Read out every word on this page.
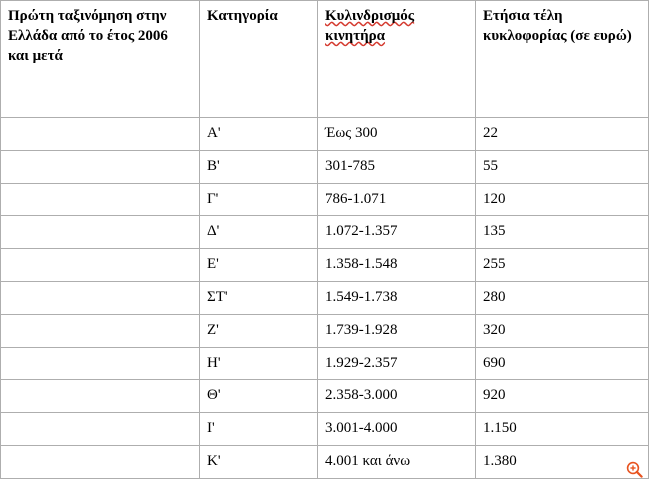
Πρώτη ταξινόμηση στην Ελλάδα από το έτος 2006 και μετά	Κατηγορία	Κυλινδρισμός κινητήρα	Ετήσια τέλη κυκλοφορίας (σε ευρώ)
	Α'	Έως 300	22
	Β'	301-785	55
	Γ'	786-1.071	120
	Δ'	1.072-1.357	135
	Ε'	1.358-1.548	255
	ΣΤ'	1.549-1.738	280
	Ζ'	1.739-1.928	320
	Η'	1.929-2.357	690
	Θ'	2.358-3.000	920
	Ι'	3.001-4.000	1.150
	Κ'	4.001 και άνω	1.380
